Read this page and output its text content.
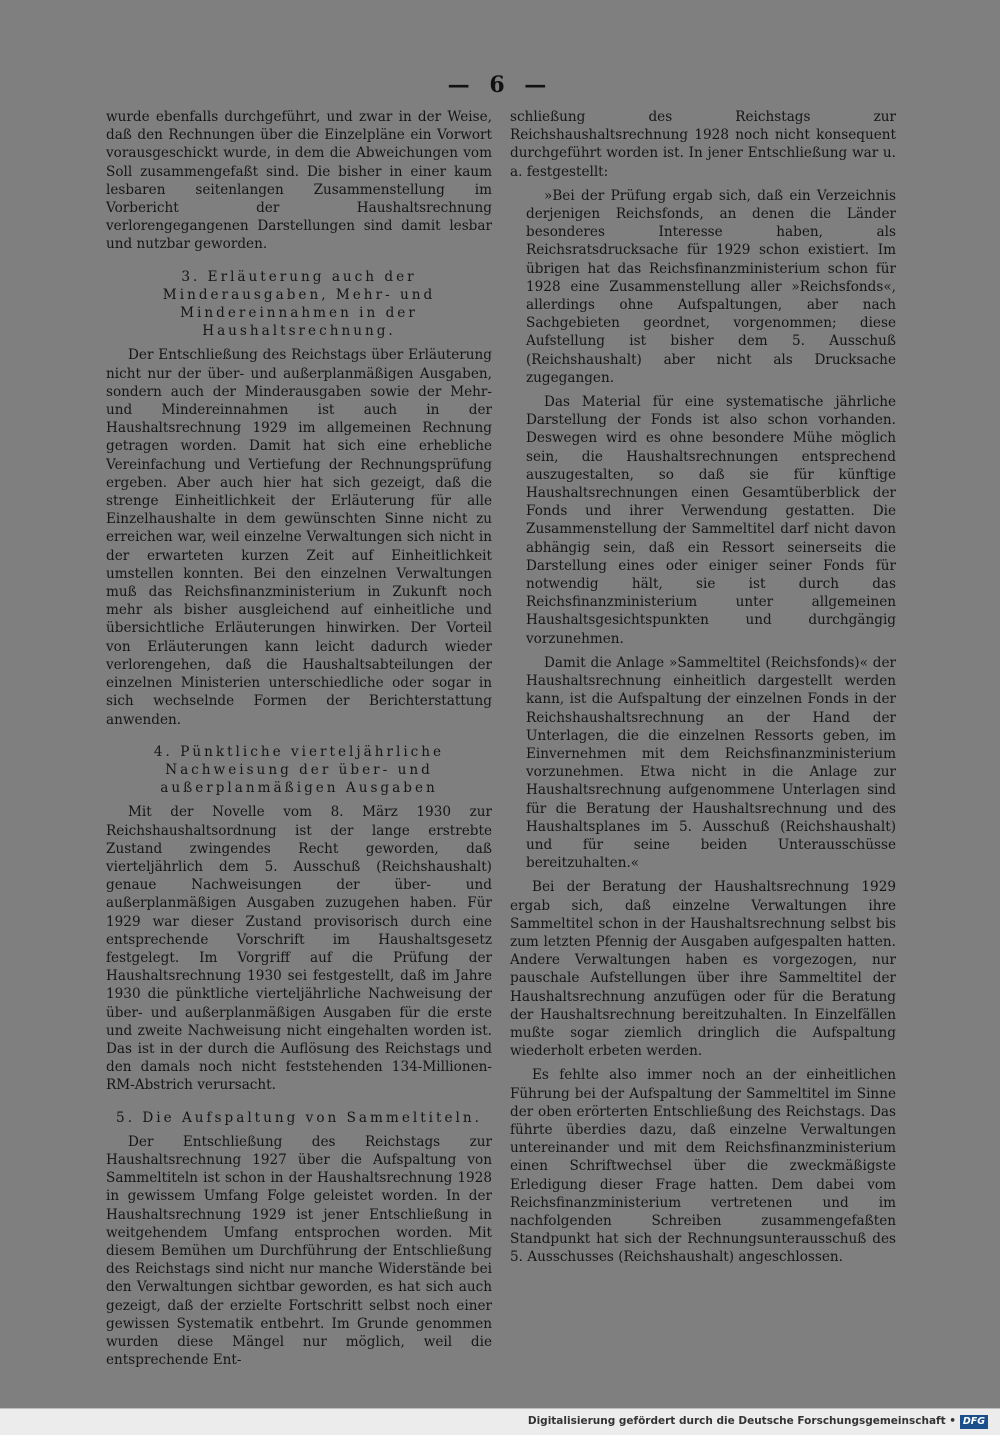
— 6 —

wurde ebenfalls durchgeführt, und zwar in der Weise, daß den Rechnungen über die Einzelpläne ein Vorwort vorausgeschickt wurde, in dem die Abweichungen vom Soll zusammengefaßt sind. Die bisher in einer kaum lesbaren seitenlangen Zusammenstellung im Vorbericht der Haushaltsrechnung verlorengegangenen Darstellungen sind damit lesbar und nutzbar geworden.

3. Erläuterung auch der Minderausgaben, Mehr- und Mindereinnahmen in der Haushaltsrechnung.

Der Entschließung des Reichstags über Erläuterung nicht nur der über- und außerplanmäßigen Ausgaben, sondern auch der Minderausgaben sowie der Mehr- und Mindereinnahmen ist auch in der Haushaltsrechnung 1929 im allgemeinen Rechnung getragen worden. Damit hat sich eine erhebliche Vereinfachung und Vertiefung der Rechnungsprüfung ergeben. Aber auch hier hat sich gezeigt, daß die strenge Einheitlichkeit der Erläuterung für alle Einzelhaushalte in dem gewünschten Sinne nicht zu erreichen war, weil einzelne Verwaltungen sich nicht in der erwarteten kurzen Zeit auf Einheitlichkeit umstellen konnten. Bei den einzelnen Verwaltungen muß das Reichsfinanzministerium in Zukunft noch mehr als bisher ausgleichend auf einheitliche und übersichtliche Erläuterungen hinwirken. Der Vorteil von Erläuterungen kann leicht dadurch wieder verlorengehen, daß die Haushaltsabteilungen der einzelnen Ministerien unterschiedliche oder sogar in sich wechselnde Formen der Berichterstattung anwenden.

4. Pünktliche vierteljährliche Nachweisung der über- und außerplanmäßigen Ausgaben

Mit der Novelle vom 8. März 1930 zur Reichshaushaltsordnung ist der lange erstrebte Zustand zwingendes Recht geworden, daß vierteljährlich dem 5. Ausschuß (Reichshaushalt) genaue Nachweisungen der über- und außerplanmäßigen Ausgaben zuzugehen haben. Für 1929 war dieser Zustand provisorisch durch eine entsprechende Vorschrift im Haushaltsgesetz festgelegt. Im Vorgriff auf die Prüfung der Haushaltsrechnung 1930 sei festgestellt, daß im Jahre 1930 die pünktliche vierteljährliche Nachweisung der über- und außerplanmäßigen Ausgaben für die erste und zweite Nachweisung nicht eingehalten worden ist. Das ist in der durch die Auflösung des Reichstags und den damals noch nicht feststehenden 134-Millionen-RM-Abstrich verursacht.

5. Die Aufspaltung von Sammeltiteln.

Der Entschließung des Reichstags zur Haushaltsrechnung 1927 über die Aufspaltung von Sammeltiteln ist schon in der Haushaltsrechnung 1928 in gewissem Umfang Folge geleistet worden. In der Haushaltsrechnung 1929 ist jener Entschließung in weitgehendem Umfang entsprochen worden. Mit diesem Bemühen um Durchführung der Entschließung des Reichstags sind nicht nur manche Widerstände bei den Verwaltungen sichtbar geworden, es hat sich auch gezeigt, daß der erzielte Fortschritt selbst noch einer gewissen Systematik entbehrt. Im Grunde genommen wurden diese Mängel nur möglich, weil die entsprechende Ent-

schließung des Reichstags zur Reichshaushaltsrechnung 1928 noch nicht konsequent durchgeführt worden ist. In jener Entschließung war u. a. festgestellt:

»Bei der Prüfung ergab sich, daß ein Verzeichnis derjenigen Reichsfonds, an denen die Länder besonderes Interesse haben, als Reichsratsdrucksache für 1929 schon existiert. Im übrigen hat das Reichsfinanzministerium schon für 1928 eine Zusammenstellung aller »Reichsfonds«, allerdings ohne Aufspaltungen, aber nach Sachgebieten geordnet, vorgenommen; diese Aufstellung ist bisher dem 5. Ausschuß (Reichshaushalt) aber nicht als Drucksache zugegangen.

Das Material für eine systematische jährliche Darstellung der Fonds ist also schon vorhanden. Deswegen wird es ohne besondere Mühe möglich sein, die Haushaltsrechnungen entsprechend auszugestalten, so daß sie für künftige Haushaltsrechnungen einen Gesamtüberblick der Fonds und ihrer Verwendung gestatten. Die Zusammenstellung der Sammeltitel darf nicht davon abhängig sein, daß ein Ressort seinerseits die Darstellung eines oder einiger seiner Fonds für notwendig hält, sie ist durch das Reichsfinanzministerium unter allgemeinen Haushaltsgesichtspunkten und durchgängig vorzunehmen.

Damit die Anlage »Sammeltitel (Reichsfonds)« der Haushaltsrechnung einheitlich dargestellt werden kann, ist die Aufspaltung der einzelnen Fonds in der Reichshaushaltsrechnung an der Hand der Unterlagen, die die einzelnen Ressorts geben, im Einvernehmen mit dem Reichsfinanzministerium vorzunehmen. Etwa nicht in die Anlage zur Haushaltsrechnung aufgenommene Unterlagen sind für die Beratung der Haushaltsrechnung und des Haushaltsplanes im 5. Ausschuß (Reichshaushalt) und für seine beiden Unterausschüsse bereitzuhalten.«

Bei der Beratung der Haushaltsrechnung 1929 ergab sich, daß einzelne Verwaltungen ihre Sammeltitel schon in der Haushaltsrechnung selbst bis zum letzten Pfennig der Ausgaben aufgespalten hatten. Andere Verwaltungen haben es vorgezogen, nur pauschale Aufstellungen über ihre Sammeltitel der Haushaltsrechnung anzufügen oder für die Beratung der Haushaltsrechnung bereitzuhalten. In Einzelfällen mußte sogar ziemlich dringlich die Aufspaltung wiederholt erbeten werden.

Es fehlte also immer noch an der einheitlichen Führung bei der Aufspaltung der Sammeltitel im Sinne der oben erörterten Entschließung des Reichstags. Das führte überdies dazu, daß einzelne Verwaltungen untereinander und mit dem Reichsfinanzministerium einen Schriftwechsel über die zweckmäßigste Erledigung dieser Frage hatten. Dem dabei vom Reichsfinanzministerium vertretenen und im nachfolgenden Schreiben zusammengefaßten Standpunkt hat sich der Rechnungsunterausschuß des 5. Ausschusses (Reichshaushalt) angeschlossen.

Digitalisierung gefördert durch die Deutsche Forschungsgemeinschaft • DFG
